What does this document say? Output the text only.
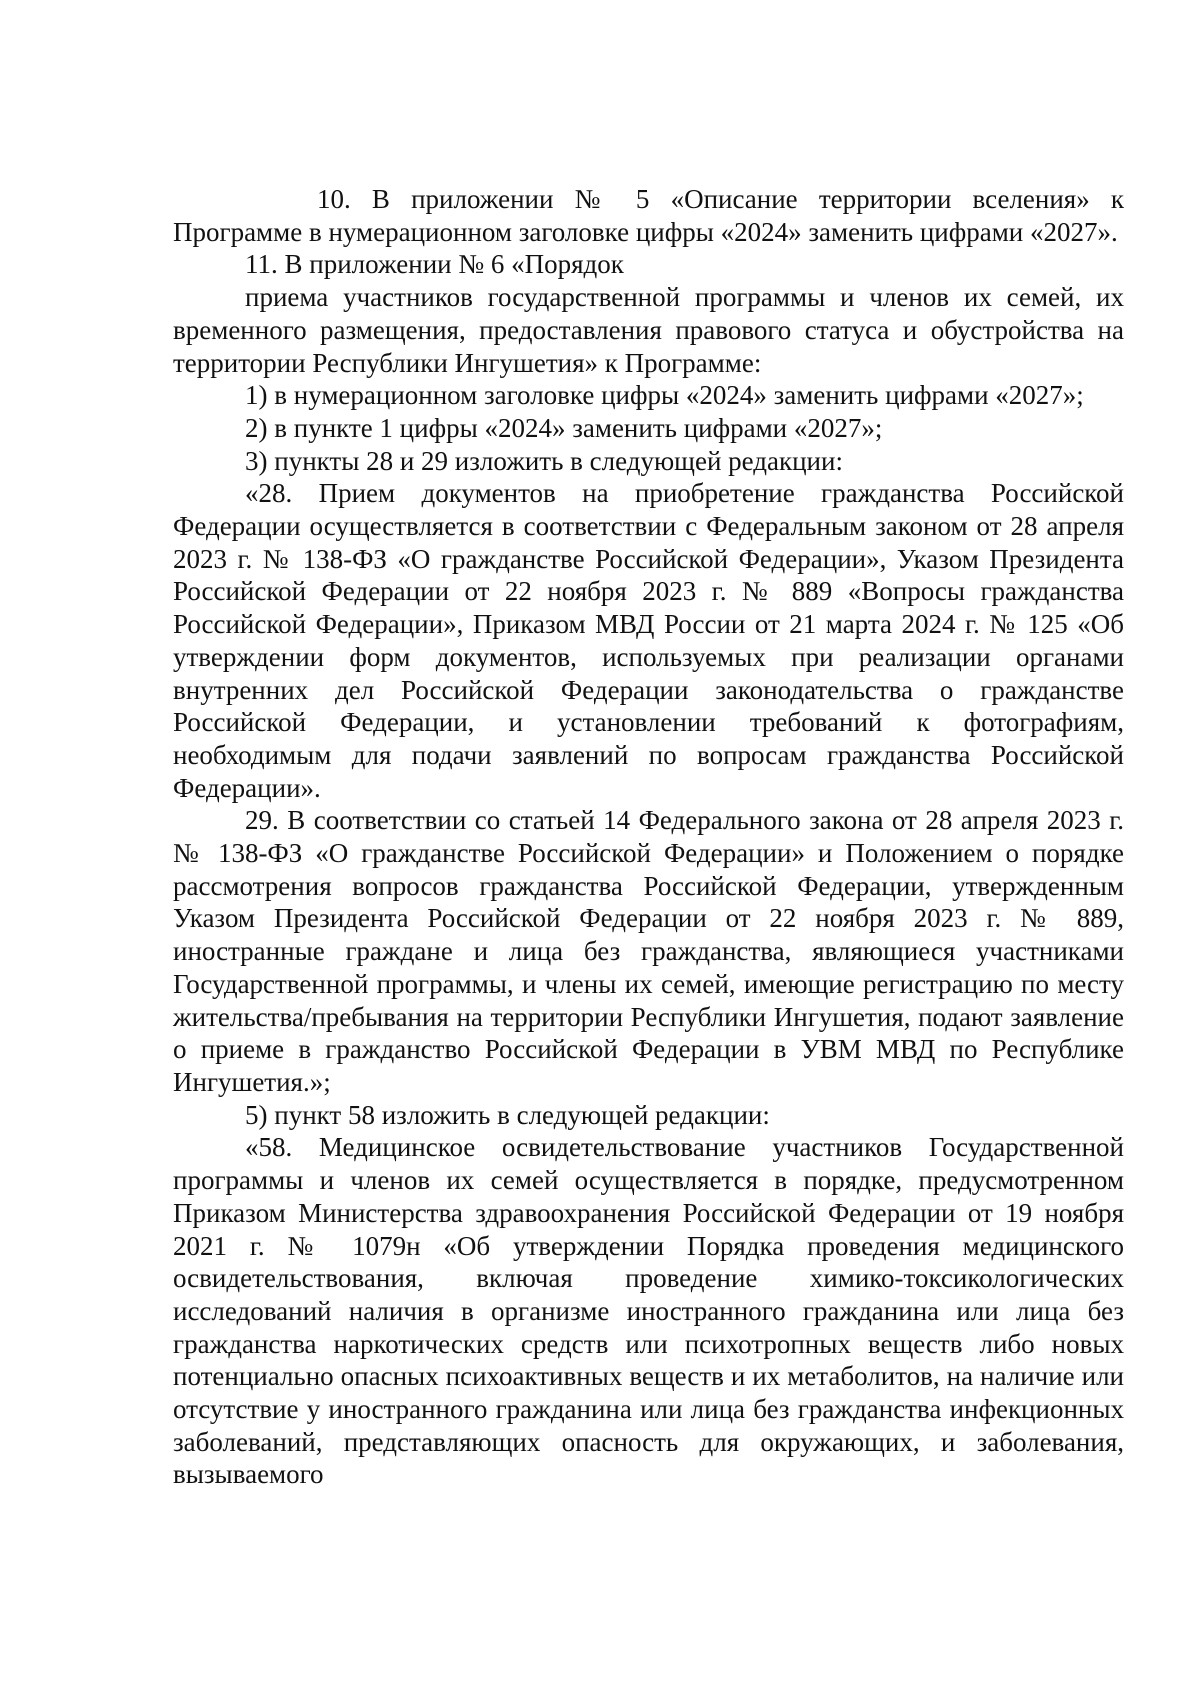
10. В приложении № 5 «Описание территории вселения» к Программе в нумерационном заголовке цифры «2024» заменить цифрами «2027».

11. В приложении № 6 «Порядок

приема участников государственной программы и членов их семей, их временного размещения, предоставления правового статуса и обустройства на территории Республики Ингушетия» к Программе:

1) в нумерационном заголовке цифры «2024» заменить цифрами «2027»;

2) в пункте 1 цифры «2024» заменить цифрами «2027»;

3) пункты 28 и 29 изложить в следующей редакции:

«28. Прием документов на приобретение гражданства Российской Федерации осуществляется в соответствии с Федеральным законом от 28 апреля 2023 г. № 138-ФЗ «О гражданстве Российской Федерации», Указом Президента Российской Федерации от 22 ноября 2023 г. № 889 «Вопросы гражданства Российской Федерации», Приказом МВД России от 21 марта 2024 г. № 125 «Об утверждении форм документов, используемых при реализации органами внутренних дел Российской Федерации законодательства о гражданстве Российской Федерации, и установлении требований к фотографиям, необходимым для подачи заявлений по вопросам гражданства Российской Федерации».

29. В соответствии со статьей 14 Федерального закона от 28 апреля 2023 г. № 138-ФЗ «О гражданстве Российской Федерации» и Положением о порядке рассмотрения вопросов гражданства Российской Федерации, утвержденным Указом Президента Российской Федерации от 22 ноября 2023 г. № 889, иностранные граждане и лица без гражданства, являющиеся участниками Государственной программы, и члены их семей, имеющие регистрацию по месту жительства/пребывания на территории Республики Ингушетия, подают заявление о приеме в гражданство Российской Федерации в УВМ МВД по Республике Ингушетия.»;

5) пункт 58 изложить в следующей редакции:

«58. Медицинское освидетельствование участников Государственной программы и членов их семей осуществляется в порядке, предусмотренном Приказом Министерства здравоохранения Российской Федерации от 19 ноября 2021 г. № 1079н «Об утверждении Порядка проведения медицинского освидетельствования, включая проведение химико-токсикологических исследований наличия в организме иностранного гражданина или лица без гражданства наркотических средств или психотропных веществ либо новых потенциально опасных психоактивных веществ и их метаболитов, на наличие или отсутствие у иностранного гражданина или лица без гражданства инфекционных заболеваний, представляющих опасность для окружающих, и заболевания, вызываемого
